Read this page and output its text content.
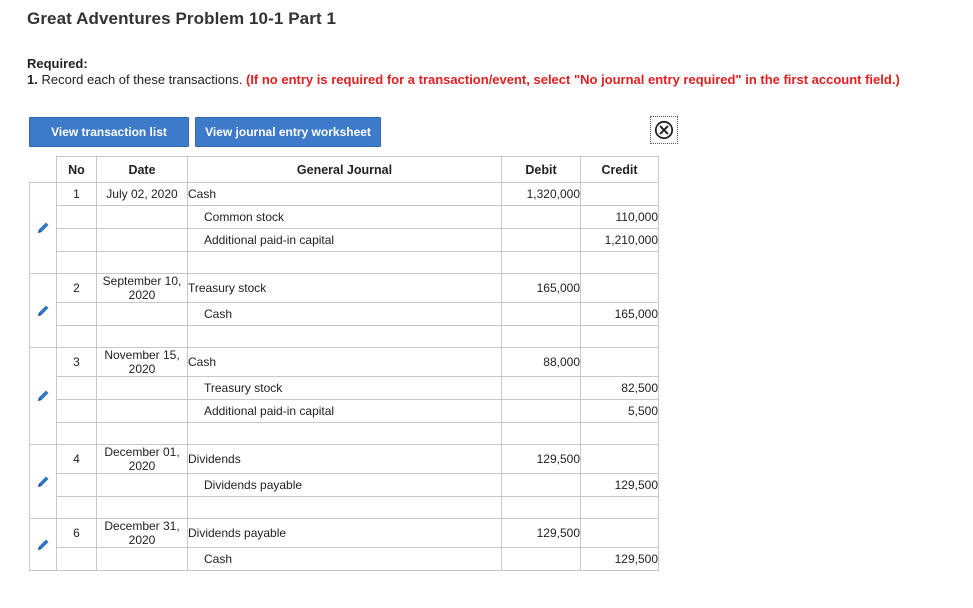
Great Adventures Problem 10-1 Part 1
Required:
1. Record each of these transactions. (If no entry is required for a transaction/event, select "No journal entry required" in the first account field.)
View transaction list	View journal entry worksheet
	No	Date	General Journal	Debit	Credit
	1	July 02, 2020	Cash	1,320,000	
			Common stock		110,000
			Additional paid-in capital		1,210,000

	2	September 10, 2020	Treasury stock	165,000	
			Cash		165,000

	3	November 15, 2020	Cash	88,000	
			Treasury stock		82,500
			Additional paid-in capital		5,500

	4	December 01, 2020	Dividends	129,500	
			Dividends payable		129,500

	6	December 31, 2020	Dividends payable	129,500	
			Cash		129,500
